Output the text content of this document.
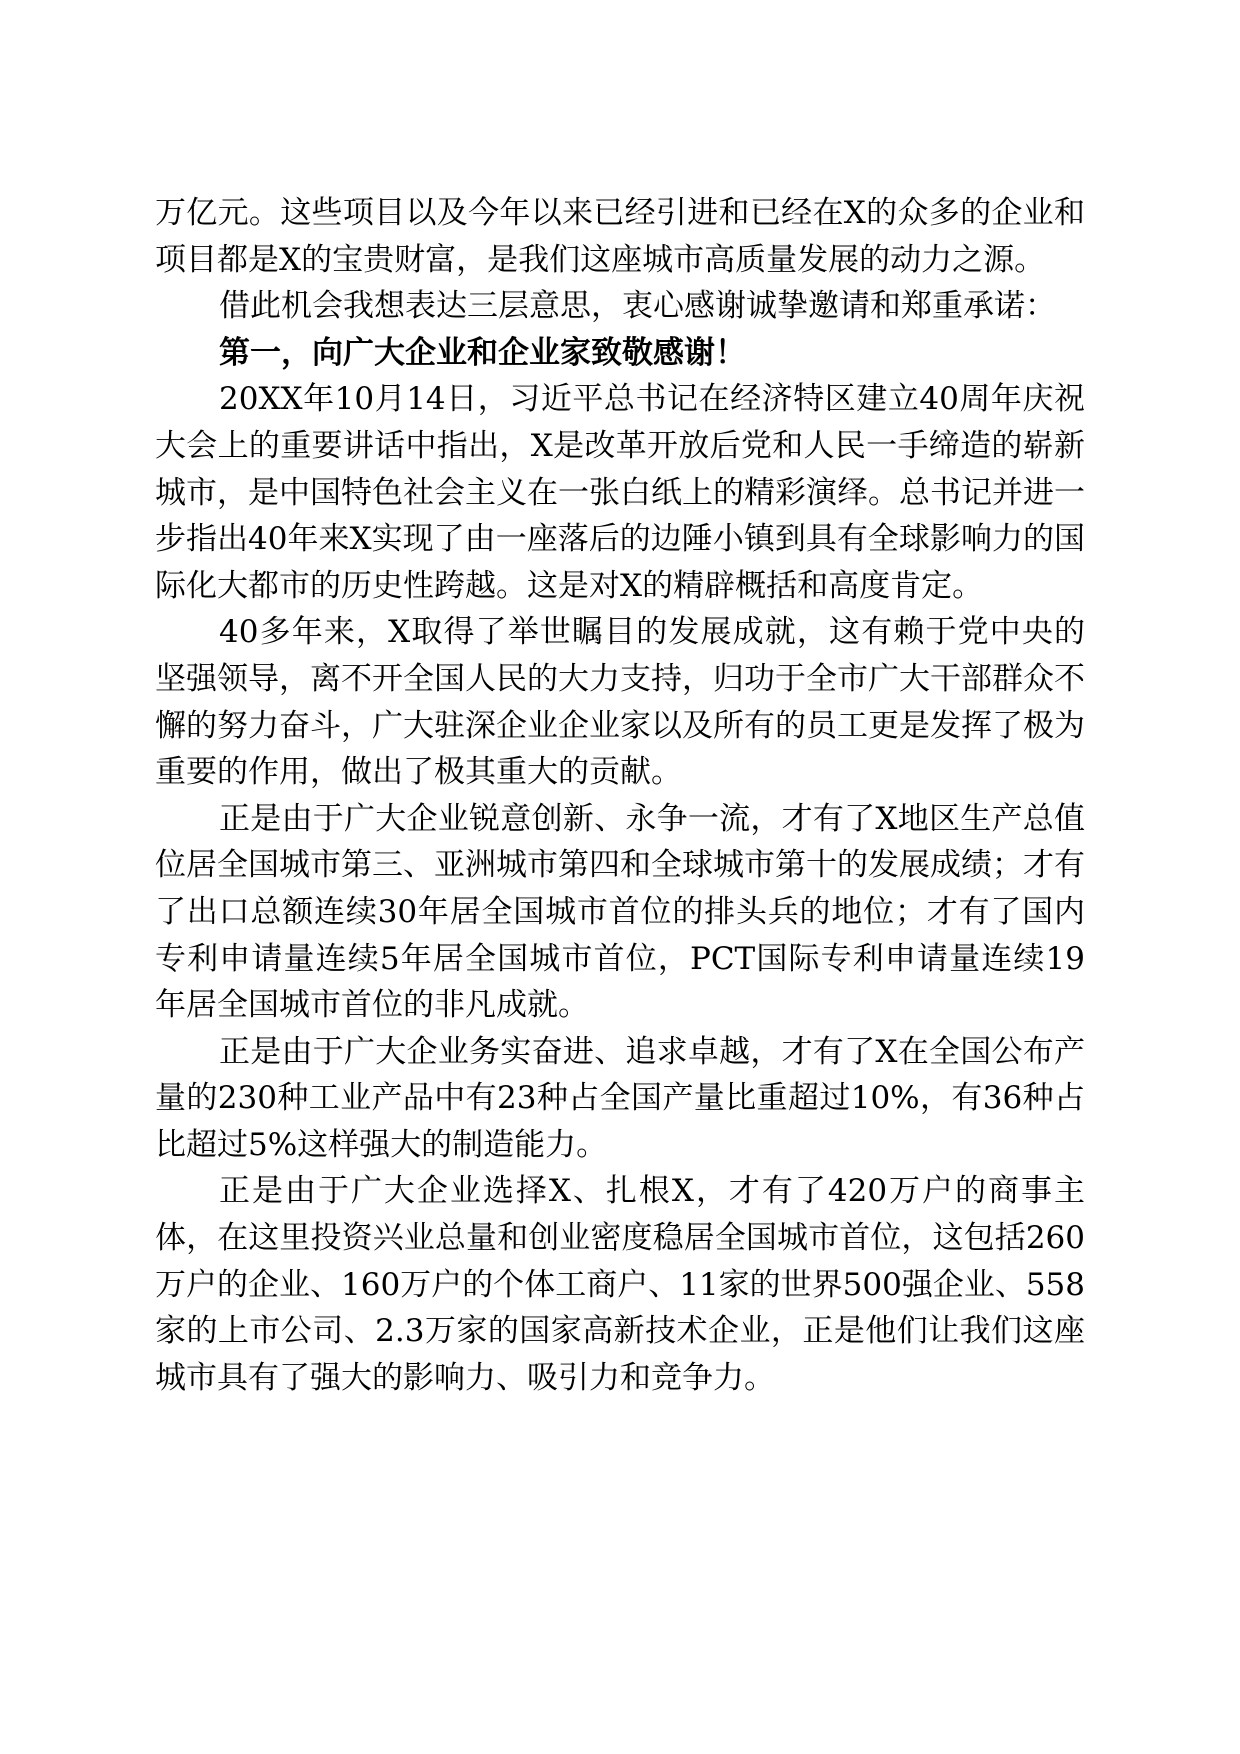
万亿元。这些项目以及今年以来已经引进和已经在X的众多的企业和项目都是X的宝贵财富，是我们这座城市高质量发展的动力之源。

借此机会我想表达三层意思，衷心感谢诚挚邀请和郑重承诺：

第一，向广大企业和企业家致敬感谢！

20XX年10月14日，习近平总书记在经济特区建立40周年庆祝大会上的重要讲话中指出，X是改革开放后党和人民一手缔造的崭新城市，是中国特色社会主义在一张白纸上的精彩演绎。总书记并进一步指出40年来X实现了由一座落后的边陲小镇到具有全球影响力的国际化大都市的历史性跨越。这是对X的精辟概括和高度肯定。

40多年来，X取得了举世瞩目的发展成就，这有赖于党中央的坚强领导，离不开全国人民的大力支持，归功于全市广大干部群众不懈的努力奋斗，广大驻深企业企业家以及所有的员工更是发挥了极为重要的作用，做出了极其重大的贡献。

正是由于广大企业锐意创新、永争一流，才有了X地区生产总值位居全国城市第三、亚洲城市第四和全球城市第十的发展成绩；才有了出口总额连续30年居全国城市首位的排头兵的地位；才有了国内专利申请量连续5年居全国城市首位，PCT国际专利申请量连续19年居全国城市首位的非凡成就。

正是由于广大企业务实奋进、追求卓越，才有了X在全国公布产量的230种工业产品中有23种占全国产量比重超过10%，有36种占比超过5%这样强大的制造能力。

正是由于广大企业选择X、扎根X，才有了420万户的商事主体，在这里投资兴业总量和创业密度稳居全国城市首位，这包括260万户的企业、160万户的个体工商户、11家的世界500强企业、558家的上市公司、2.3万家的国家高新技术企业，正是他们让我们这座城市具有了强大的影响力、吸引力和竞争力。
